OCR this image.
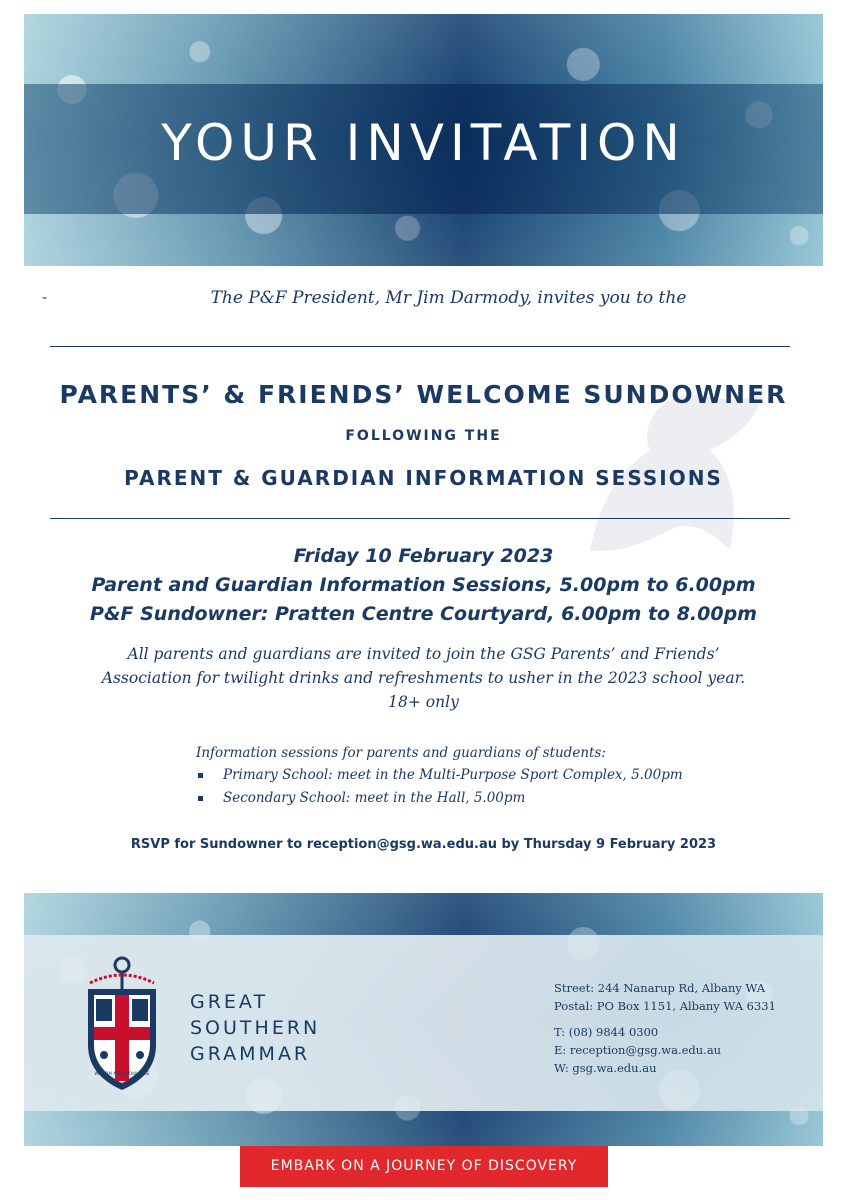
YOUR INVITATION
-	The P&F President, Mr Jim Darmody, invites you to the
PARENTS’ & FRIENDS’ WELCOME SUNDOWNER
FOLLOWING THE
PARENT & GUARDIAN INFORMATION SESSIONS
Friday 10 February 2023
Parent and Guardian Information Sessions, 5.00pm to 6.00pm
P&F Sundowner: Pratten Centre Courtyard, 6.00pm to 8.00pm
All parents and guardians are invited to join the GSG Parents’ and Friends’
Association for twilight drinks and refreshments to usher in the 2023 school year.
18+ only
Information sessions for parents and guardians of students:
Primary School: meet in the Multi-Purpose Sport Complex, 5.00pm
Secondary School: meet in the Hall, 5.00pm
RSVP for Sundowner to reception@gsg.wa.edu.au by Thursday 9 February 2023
WISDOM AND KNOWLEDGE
GREAT
SOUTHERN
GRAMMAR
Street: 244 Nanarup Rd, Albany WA
Postal: PO Box 1151, Albany WA 6331
T: (08) 9844 0300
E: reception@gsg.wa.edu.au
W: gsg.wa.edu.au
EMBARK ON A JOURNEY OF DISCOVERY
